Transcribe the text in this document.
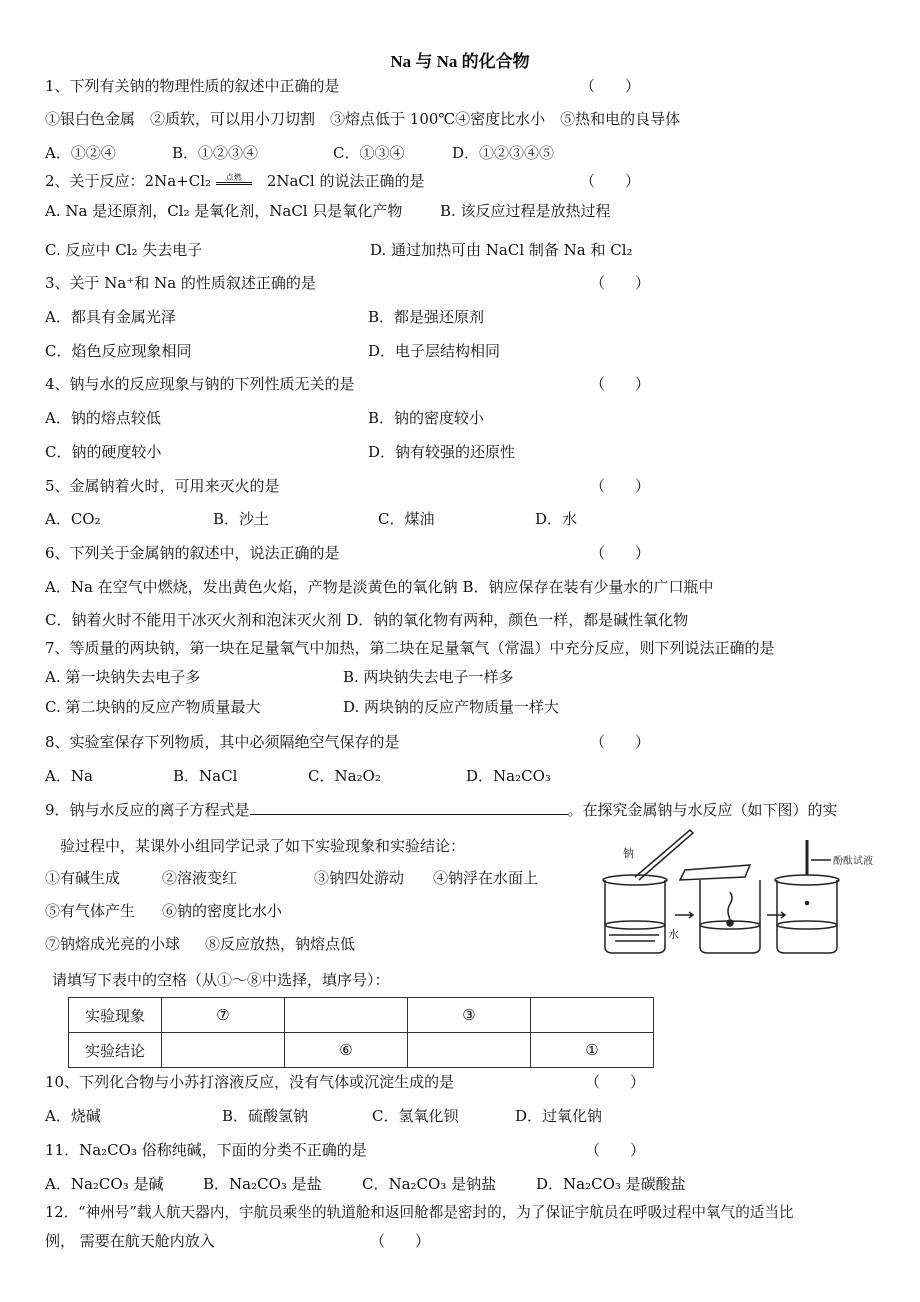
Na 与 Na 的化合物
1、下列有关钠的物理性质的叙述中正确的是	（　　）
①银白色金属　②质软，可以用小刀切割　③熔点低于 100℃④密度比水小　⑤热和电的良导体
A．①②④	B．①②③④	C．①③④	D．①②③④⑤
2、关于反应：2Na+Cl₂ 点燃　 2NaCl 的说法正确的是	（　　）
A. Na 是还原剂，Cl₂ 是氧化剂，NaCl 只是氧化产物	B. 该反应过程是放热过程
C. 反应中 Cl₂ 失去电子	D. 通过加热可由 NaCl 制备 Na 和 Cl₂
3、关于 Na⁺和 Na 的性质叙述正确的是	（　　）
A．都具有金属光泽	B．都是强还原剂
C．焰色反应现象相同	D．电子层结构相同
4、钠与水的反应现象与钠的下列性质无关的是	（　　）
A．钠的熔点较低	B．钠的密度较小
C．钠的硬度较小	D．钠有较强的还原性
5、金属钠着火时，可用来灭火的是	（　　）
A．CO₂	B．沙土	C．煤油	D．水
6、下列关于金属钠的叙述中，说法正确的是	（　　）
A．Na 在空气中燃烧，发出黄色火焰，产物是淡黄色的氧化钠 B．钠应保存在装有少量水的广口瓶中
C．钠着火时不能用干冰灭火剂和泡沫灭火剂 D．钠的氧化物有两种，颜色一样，都是碱性氧化物
7、等质量的两块钠，第一块在足量氧气中加热，第二块在足量氧气（常温）中充分反应，则下列说法正确的是
A. 第一块钠失去电子多	B. 两块钠失去电子一样多
C. 第二块钠的反应产物质量最大	D. 两块钠的反应产物质量一样大
8、实验室保存下列物质，其中必须隔绝空气保存的是	（　　）
A．Na	B．NaCl	C．Na₂O₂	D．Na₂CO₃
9．钠与水反应的离子方程式是	。在探究金属钠与水反应（如下图）的实
验过程中，某课外小组同学记录了如下实验现象和实验结论：
①有碱生成	②溶液变红	③钠四处游动 ④钠浮在水面上
⑤有气体产生 ⑥钠的密度比水小
⑦钠熔成光亮的小球 ⑧反应放热，钠熔点低
钠
水
酚酞试液
请填写下表中的空格（从①～⑧中选择，填序号）：
实验现象	⑦		③	
实验结论		⑥		①
10、下列化合物与小苏打溶液反应，没有气体或沉淀生成的是	（　　）
A．烧碱	B．硫酸氢钠	C．氢氧化钡	D．过氧化钠
11．Na₂CO₃ 俗称纯碱，下面的分类不正确的是	（　　）
A．Na₂CO₃ 是碱	B．Na₂CO₃ 是盐	C．Na₂CO₃ 是钠盐	D．Na₂CO₃ 是碳酸盐
12．“神州号”载人航天器内，宇航员乘坐的轨道舱和返回舱都是密封的，为了保证宇航员在呼吸过程中氧气的适当比
例， 需要在航天舱内放入	（　　）
